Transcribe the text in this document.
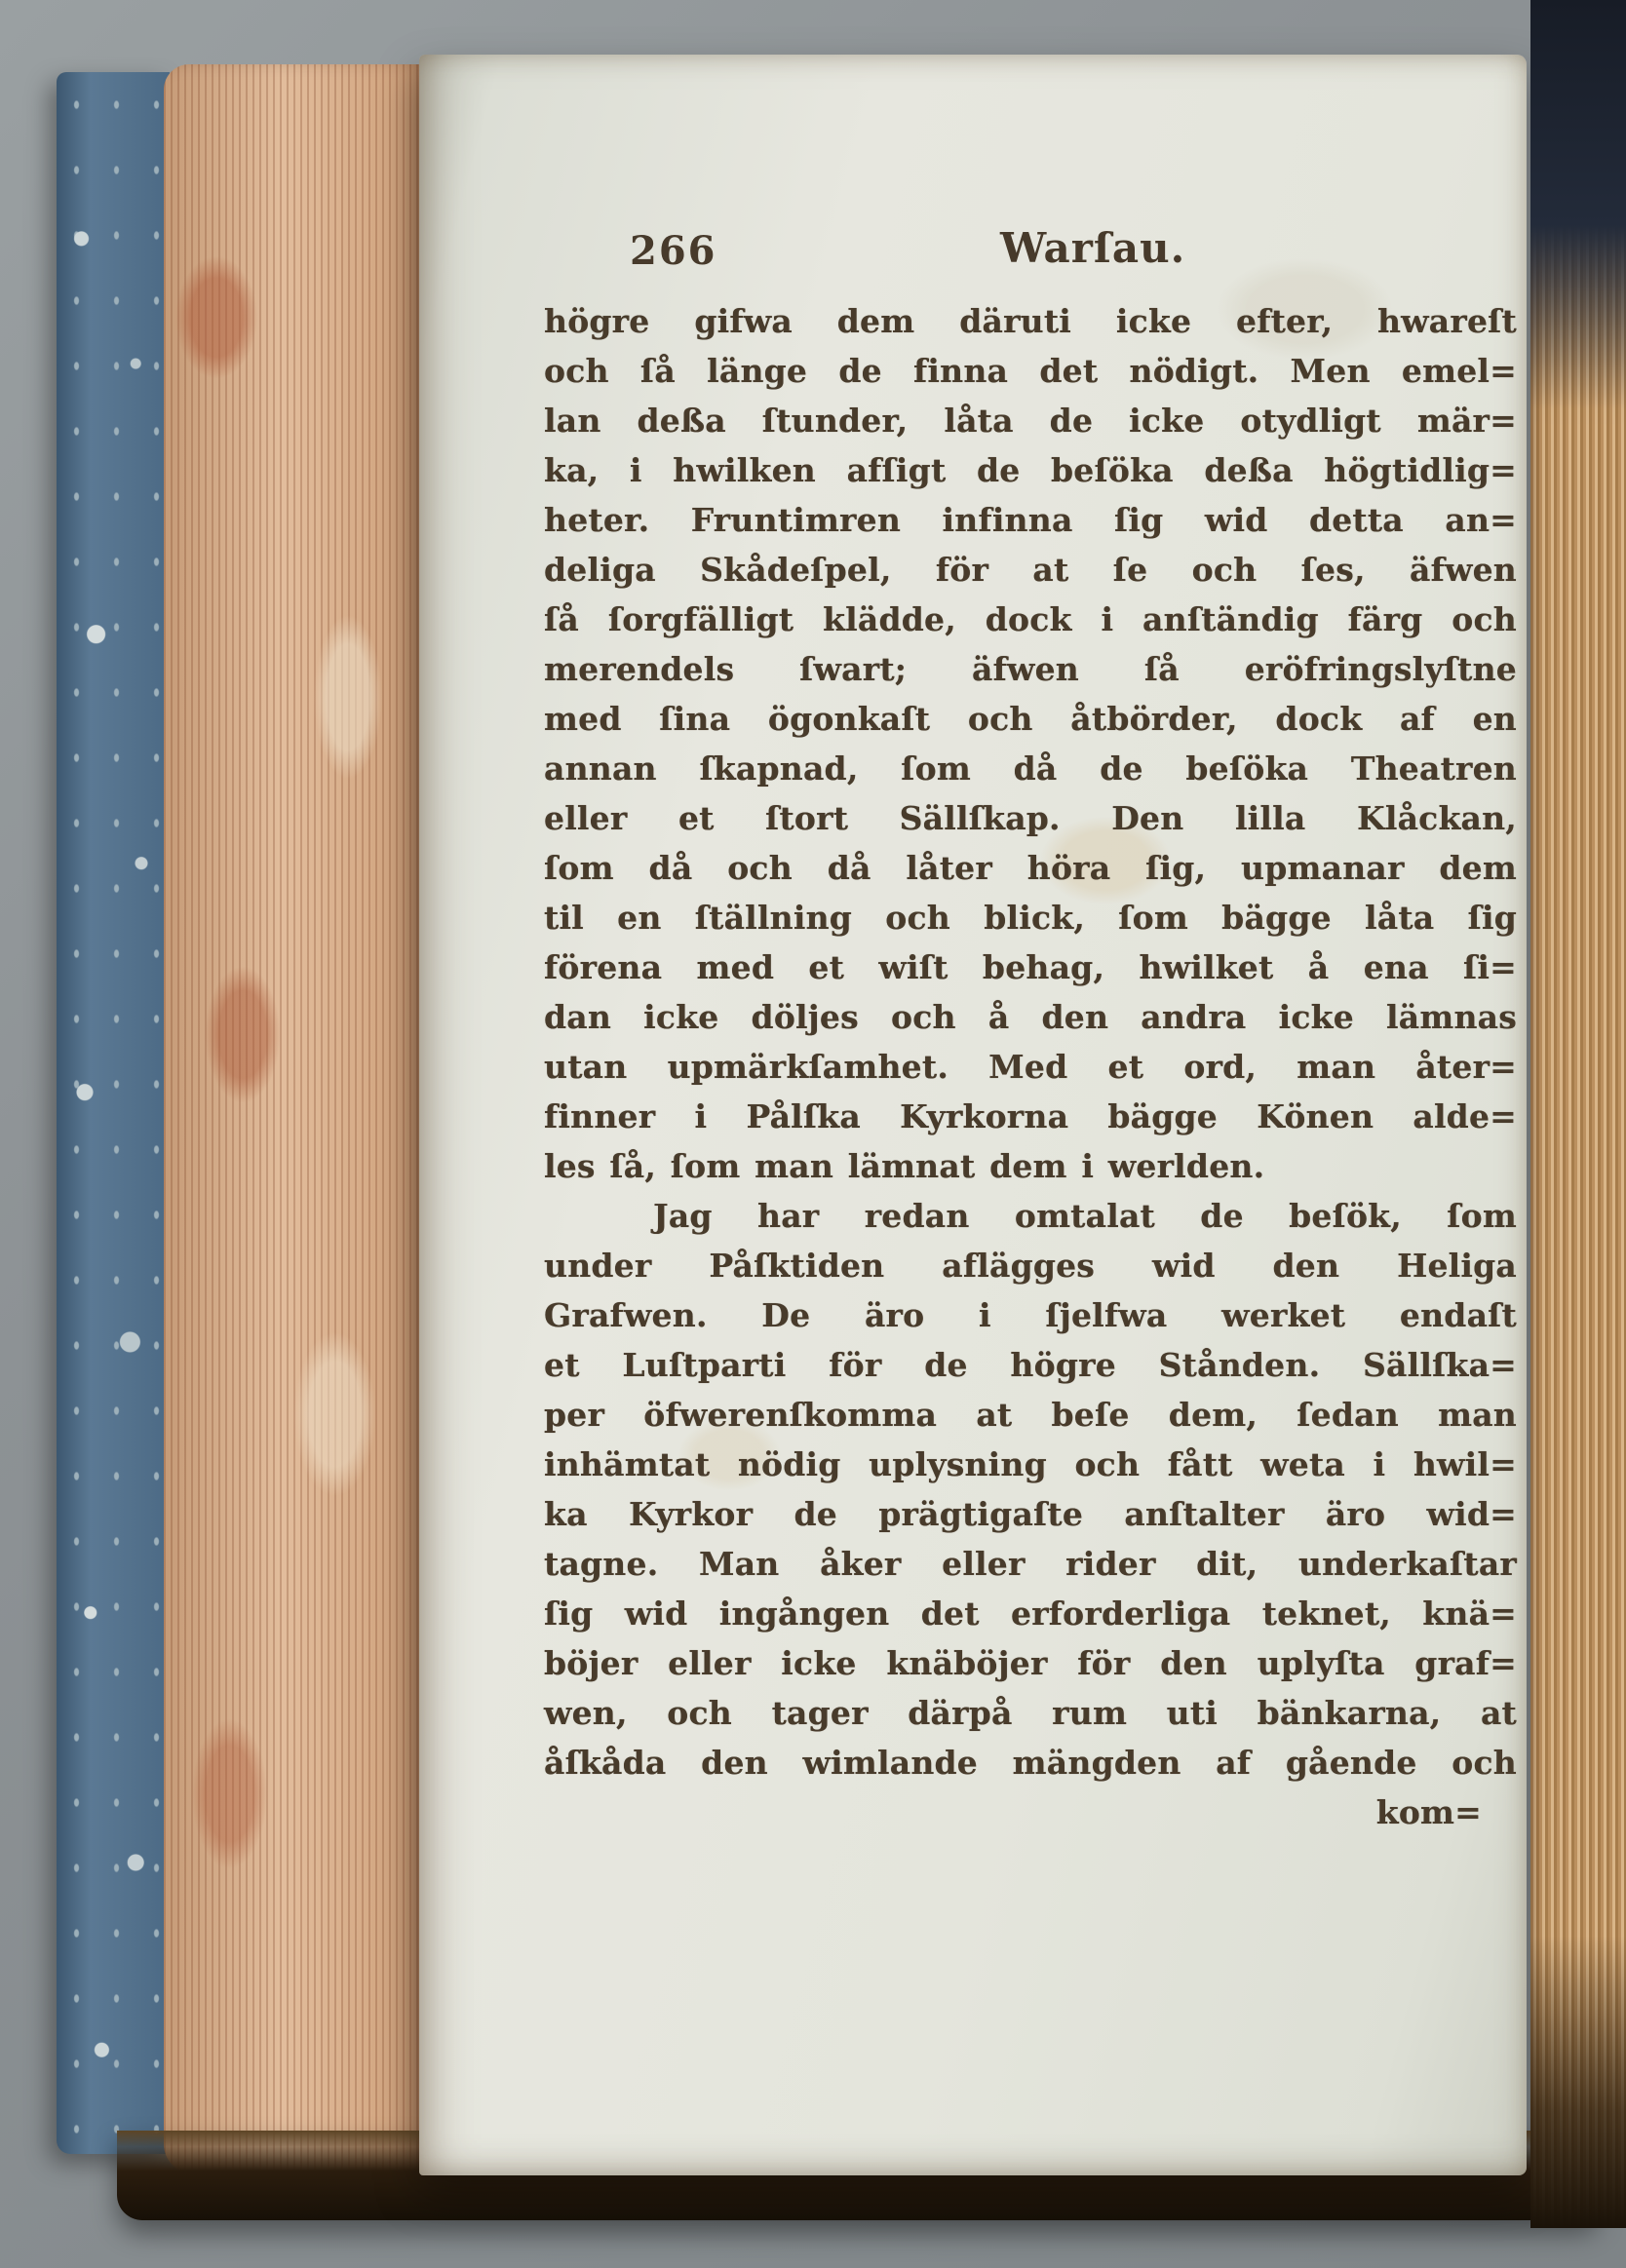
266	Warſau.
högre gifwa dem däruti icke efter, hwareſt
och ſå länge de finna det nödigt. Men emel=
lan deßa ſtunder, låta de icke otydligt mär=
ka, i hwilken afſigt de beſöka deßa högtidlig=
heter. Fruntimren infinna ſig wid detta an=
deliga Skådeſpel, för at ſe och ſes, äfwen
ſå ſorgfälligt klädde, dock i anſtändig färg och
merendels ſwart; äfwen ſå eröfringslyſtne
med ſina ögonkaſt och åtbörder, dock af en
annan ſkapnad, ſom då de beſöka Theatren
eller et ſtort Sällſkap. Den lilla Klåckan,
ſom då och då låter höra ſig, upmanar dem
til en ſtällning och blick, ſom bägge låta ſig
förena med et wiſt behag, hwilket å ena ſi=
dan icke döljes och å den andra icke lämnas
utan upmärkſamhet. Med et ord, man åter=
finner i Pålſka Kyrkorna bägge Könen alde=
les ſå, ſom man lämnat dem i werlden.
Jag har redan omtalat de beſök, ſom
under Påſktiden aflägges wid den Heliga
Grafwen. De äro i ſjelfwa werket endaſt
et Luſtparti för de högre Stånden. Sällſka=
per öfwerenſkomma at beſe dem, ſedan man
inhämtat nödig uplysning och fått weta i hwil=
ka Kyrkor de prägtigaſte anſtalter äro wid=
tagne. Man åker eller rider dit, underkaſtar
ſig wid ingången det erforderliga teknet, knä=
böjer eller icke knäböjer för den uplyſta graf=
wen, och tager därpå rum uti bänkarna, at
åſkåda den wimlande mängden af gående och
kom=
